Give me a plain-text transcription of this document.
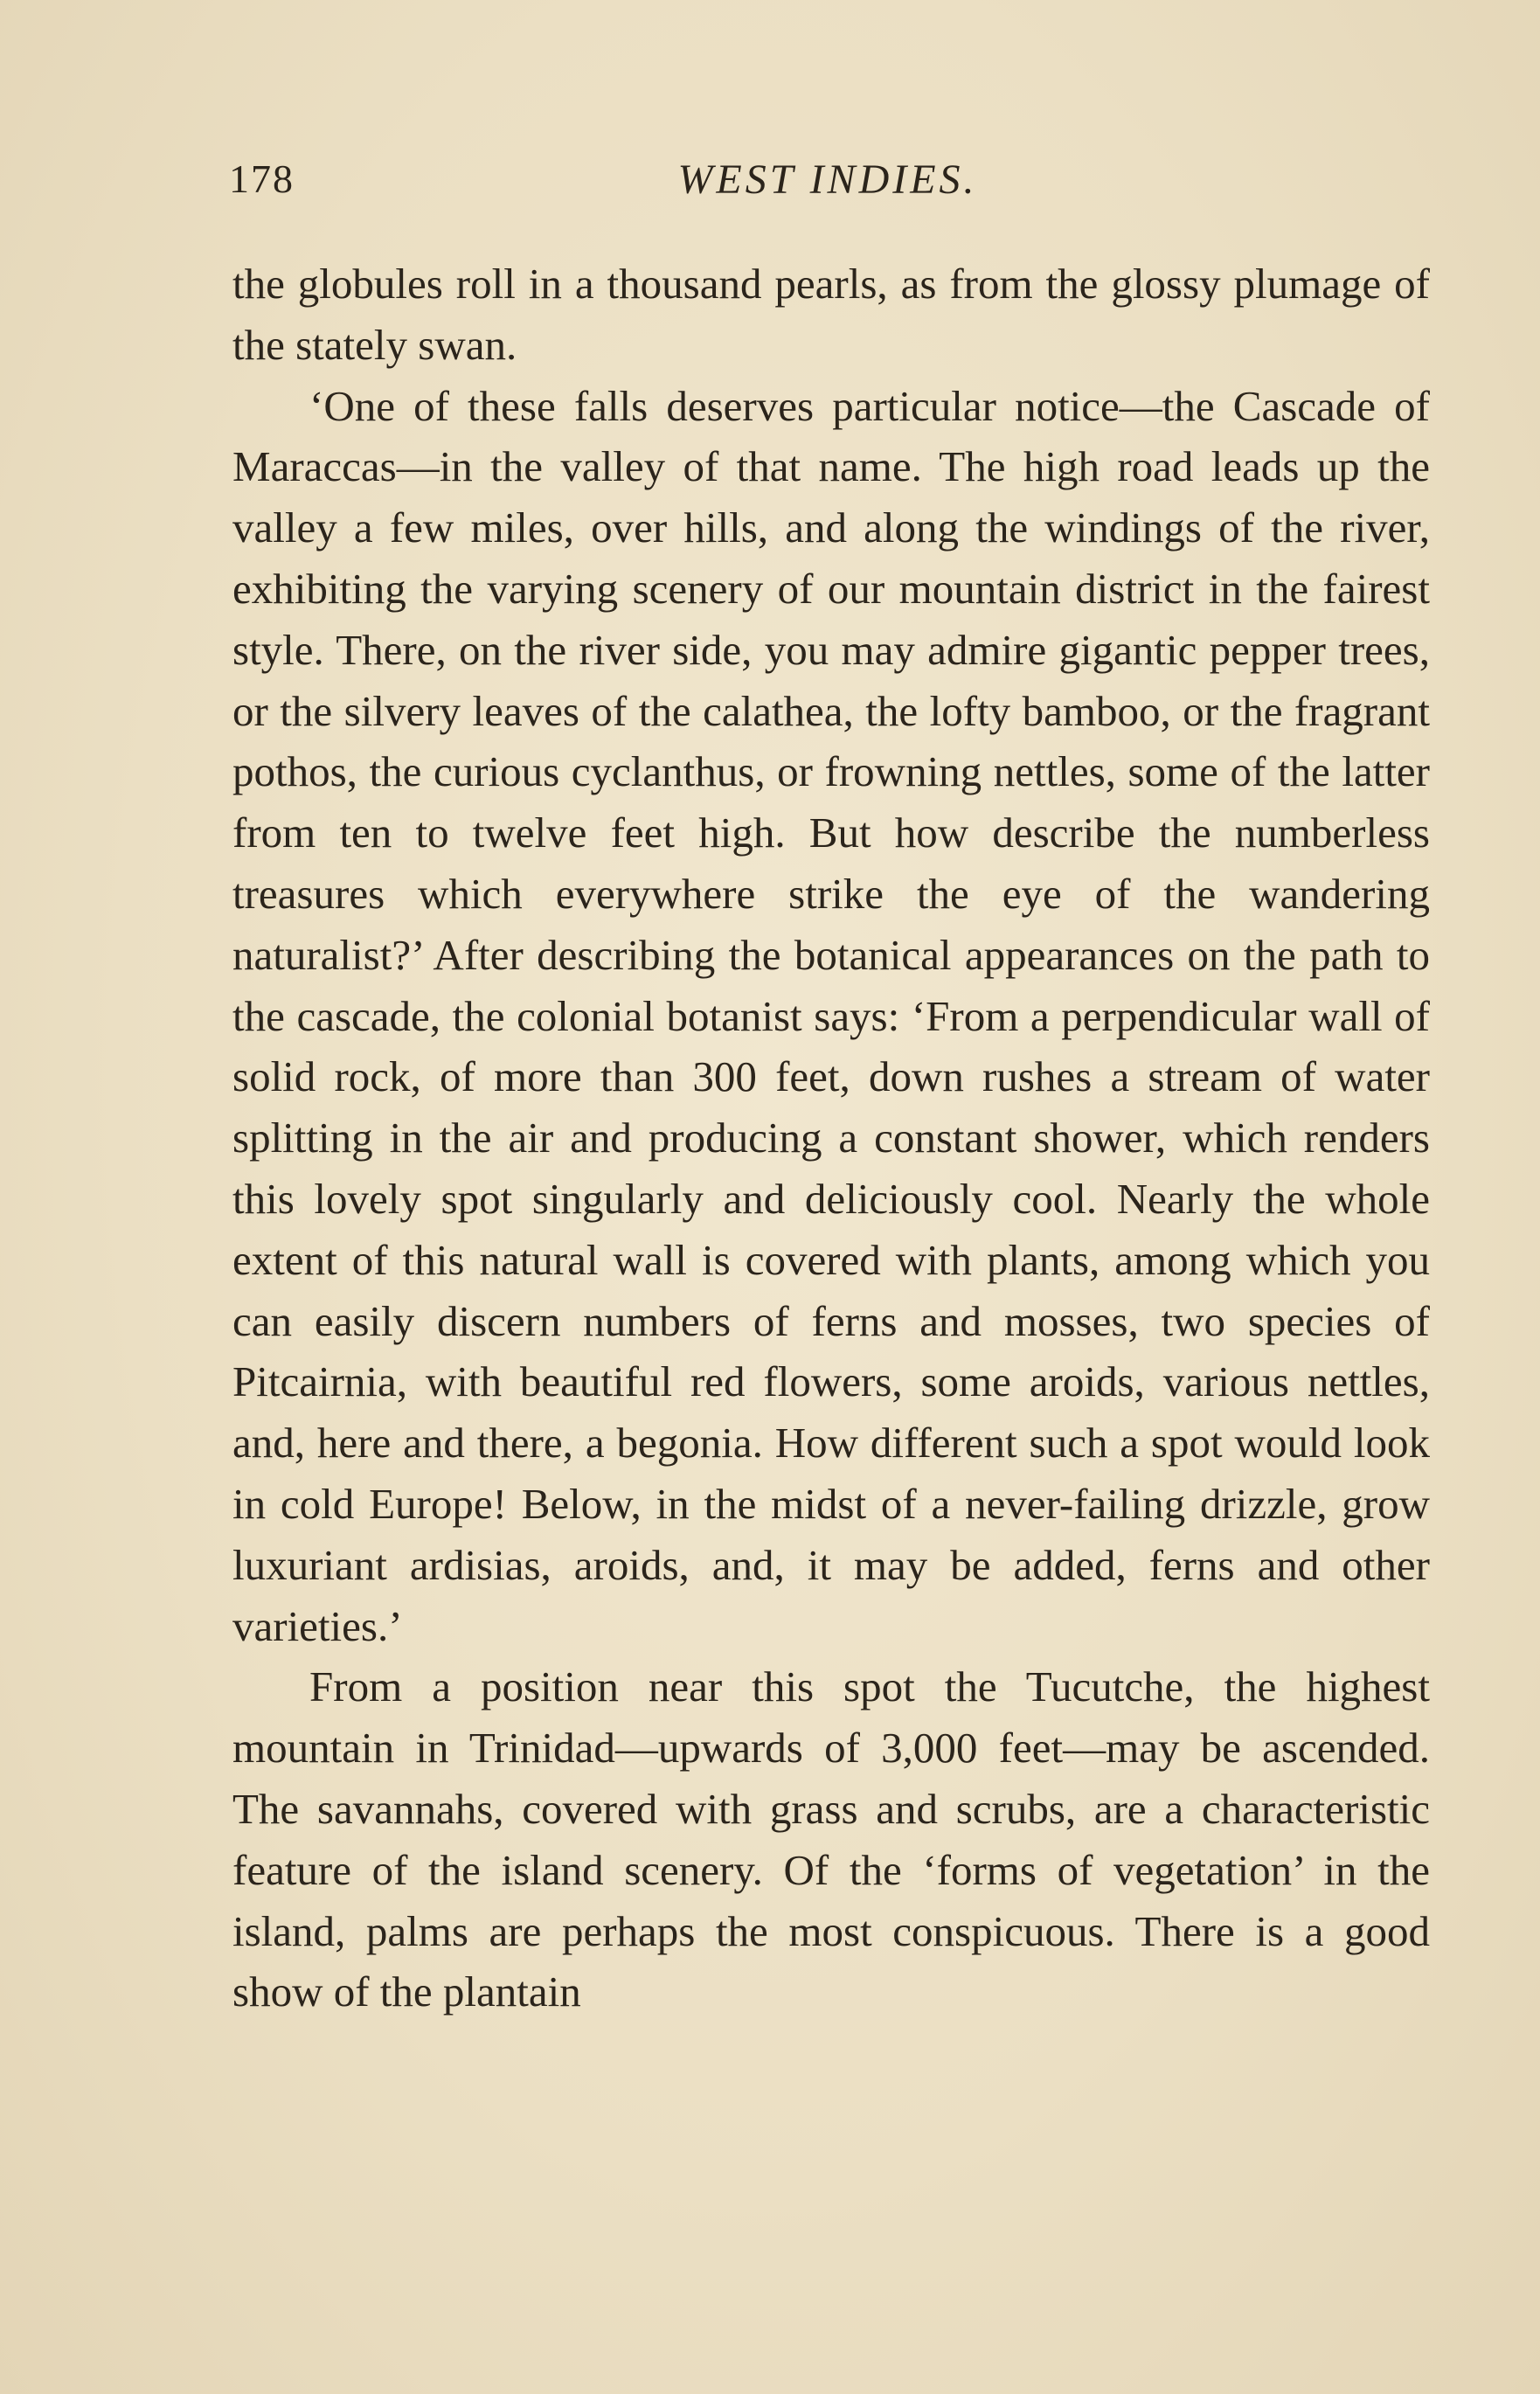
178	WEST INDIES.

the globules roll in a thousand pearls, as from the glossy plumage of the stately swan.

‘One of these falls deserves particular notice—the Cascade of Maraccas—in the valley of that name. The high road leads up the valley a few miles, over hills, and along the windings of the river, exhibiting the varying scenery of our mountain district in the fairest style. There, on the river side, you may admire gigantic pepper trees, or the silvery leaves of the calathea, the lofty bamboo, or the fragrant pothos, the curious cyclanthus, or frowning nettles, some of the latter from ten to twelve feet high. But how describe the numberless treasures which everywhere strike the eye of the wandering naturalist?’ After describing the botanical appearances on the path to the cascade, the colonial botanist says: ‘From a perpendicular wall of solid rock, of more than 300 feet, down rushes a stream of water splitting in the air and producing a constant shower, which renders this lovely spot singularly and deliciously cool. Nearly the whole extent of this natural wall is covered with plants, among which you can easily discern numbers of ferns and mosses, two species of Pitcairnia, with beautiful red flowers, some aroids, various nettles, and, here and there, a begonia. How different such a spot would look in cold Europe! Below, in the midst of a never-failing drizzle, grow luxuriant ardisias, aroids, and, it may be added, ferns and other varieties.’

From a position near this spot the Tucutche, the highest mountain in Trinidad—upwards of 3,000 feet—may be ascended. The savannahs, covered with grass and scrubs, are a characteristic feature of the island scenery. Of the ‘forms of vegetation’ in the island, palms are perhaps the most conspicuous. There is a good show of the plantain
